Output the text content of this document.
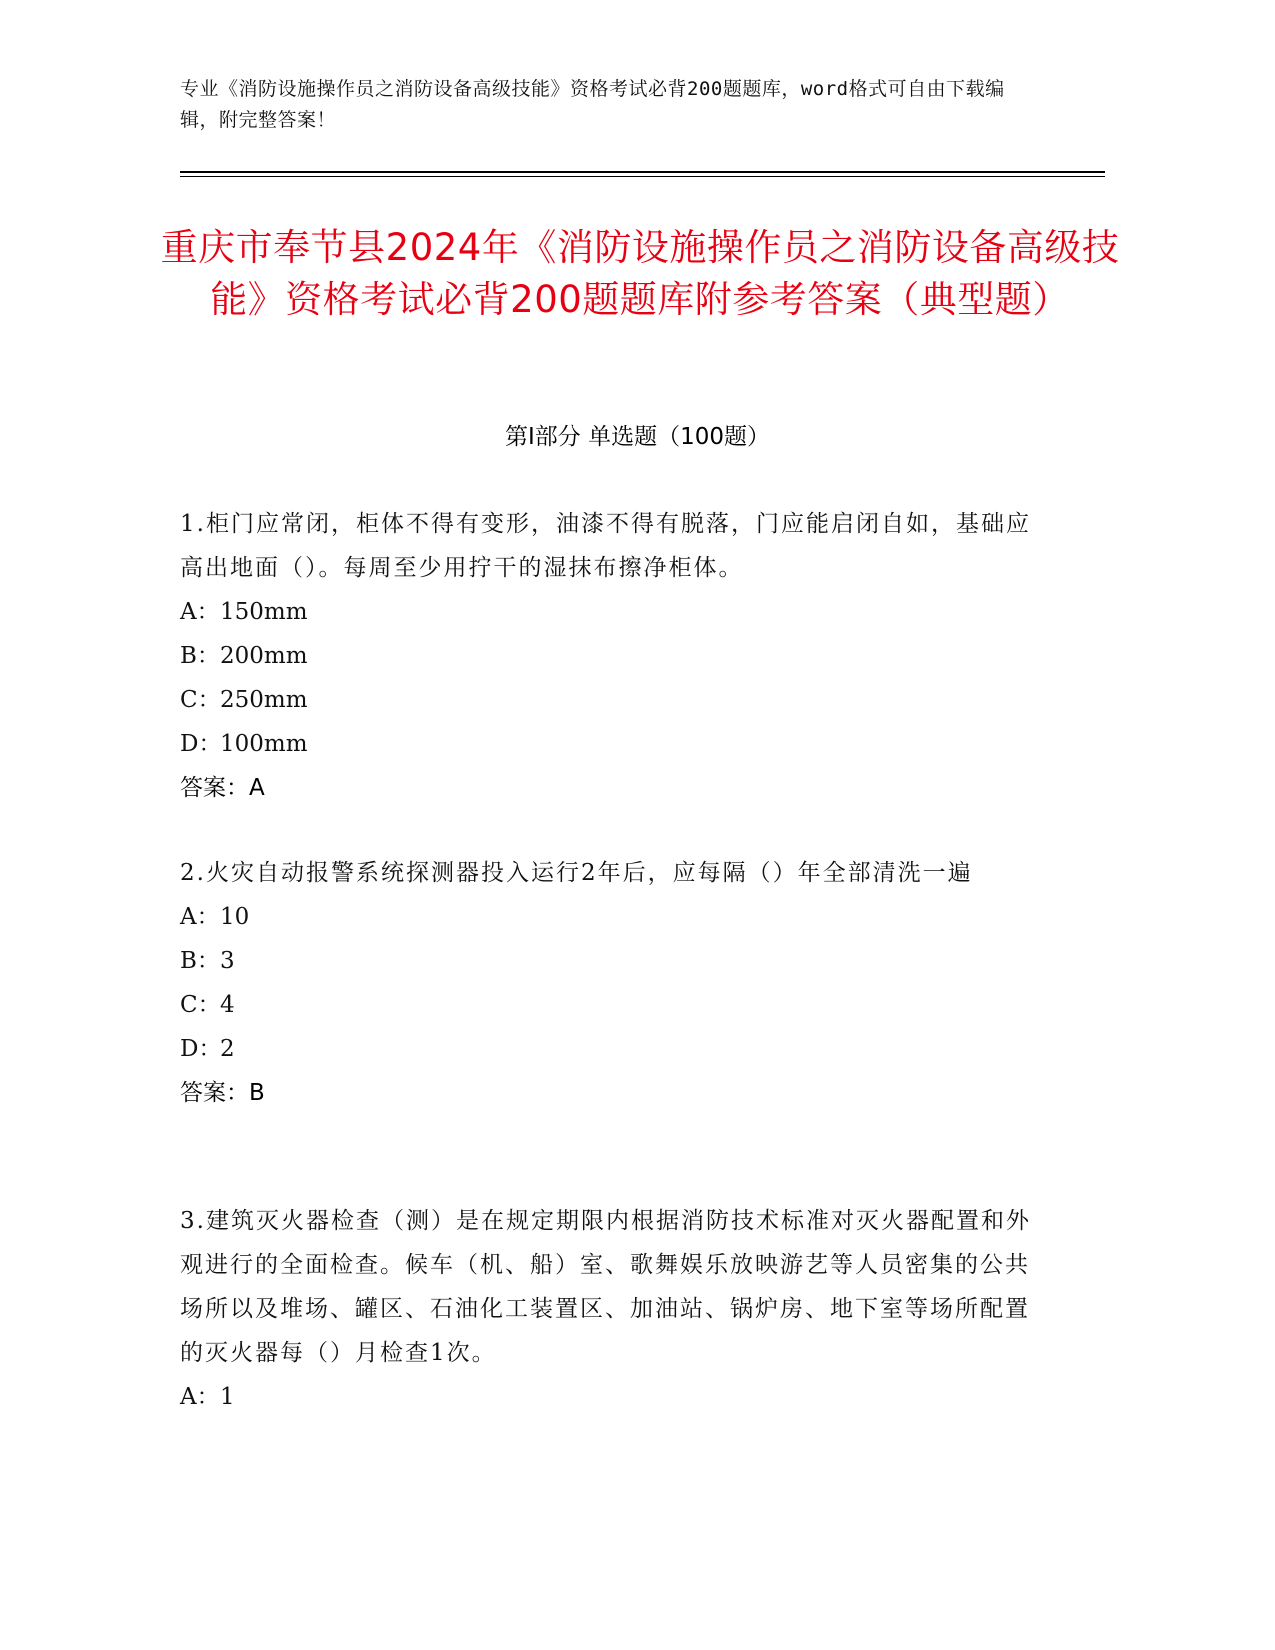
专业《消防设施操作员之消防设备高级技能》资格考试必背200题题库，word格式可自由下载编辑，附完整答案！
重庆市奉节县2024年《消防设施操作员之消防设备高级技能》资格考试必背200题题库附参考答案（典型题）
第Ⅰ部分 单选题（100题）
1.柜门应常闭，柜体不得有变形，油漆不得有脱落，门应能启闭自如，基础应高出地面（）。每周至少用拧干的湿抹布擦净柜体。
A：150mm
B：200mm
C：250mm
D：100mm
答案：A
2.火灾自动报警系统探测器投入运行2年后，应每隔（）年全部清洗一遍
A：10
B：3
C：4
D：2
答案：B
3.建筑灭火器检查（测）是在规定期限内根据消防技术标准对灭火器配置和外观进行的全面检查。候车（机、船）室、歌舞娱乐放映游艺等人员密集的公共场所以及堆场、罐区、石油化工装置区、加油站、锅炉房、地下室等场所配置的灭火器每（）月检查1次。
A：1
